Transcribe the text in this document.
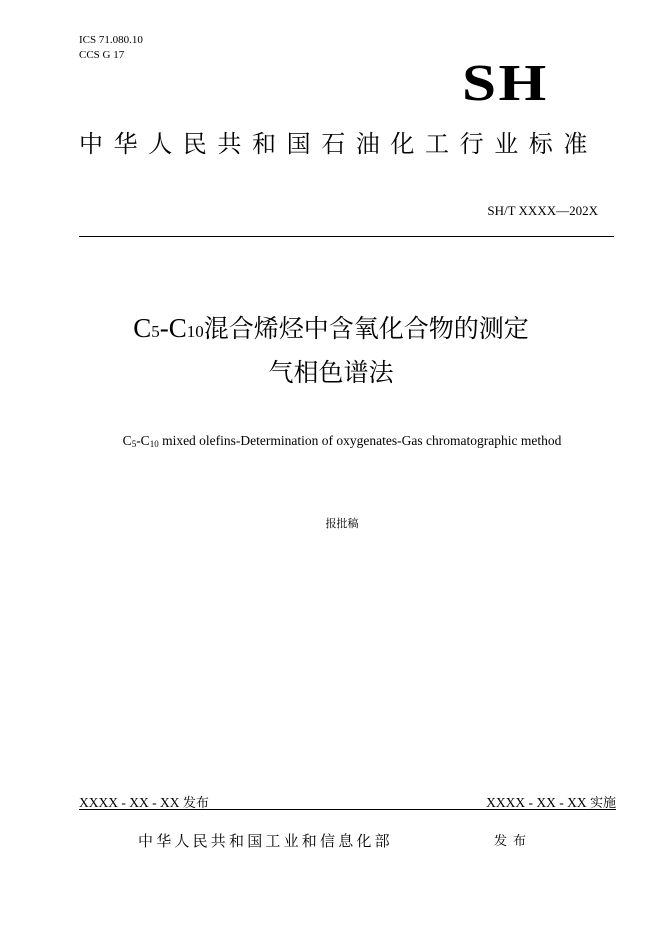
ICS 71.080.10
CCS G 17	SH
中华人民共和国石油化工行业标准
SH/T XXXX—202X
C5-C10混合烯烃中含氧化合物的测定
气相色谱法
$C_5-C_{10}$ mixed olefins-Determination of oxygenates-Gas chromatographic method
报批稿
XXXX - XX - XX 发布	XXXX - XX - XX 实施
中华人民共和国工业和信息化部	发布
